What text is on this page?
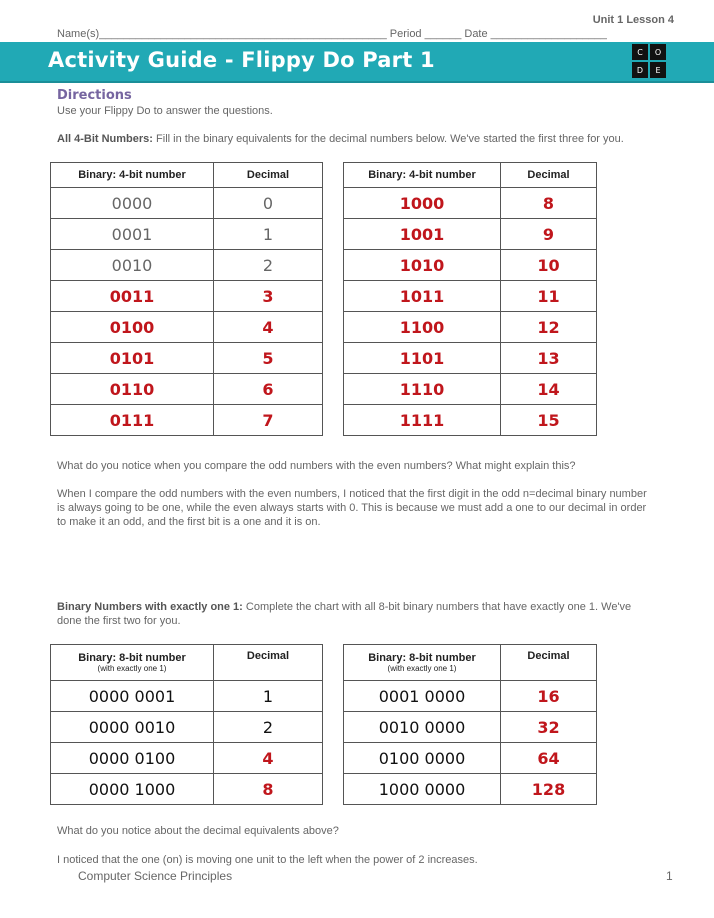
Unit 1 Lesson 4
Name(s)_______________________________________________ Period ______ Date ___________________
Activity Guide - Flippy Do Part 1	C	O
D	E
Directions
Use your Flippy Do to answer the questions.
All 4-Bit Numbers: Fill in the binary equivalents for the decimal numbers below. We've started the first three for you.
Binary: 4-bit number	Decimal
0000	0
0001	1
0010	2
0011	3
0100	4
0101	5
0110	6
0111	7
Binary: 4-bit number	Decimal
1000	8
1001	9
1010	10
1011	11
1100	12
1101	13
1110	14
1111	15
What do you notice when you compare the odd numbers with the even numbers? What might explain this?
When I compare the odd numbers with the even numbers, I noticed that the first digit in the odd n=decimal binary number is always going to be one, while the even always starts with 0. This is because we must add a one to our decimal in order to make it an odd, and the first bit is a one and it is on.
Binary Numbers with exactly one 1: Complete the chart with all 8-bit binary numbers that have exactly one 1. We've done the first two for you.
Binary: 8-bit number
(with exactly one 1)	Decimal
0000 0001	1
0000 0010	2
0000 0100	4
0000 1000	8
Binary: 8-bit number
(with exactly one 1)	Decimal
0001 0000	16
0010 0000	32
0100 0000	64
1000 0000	128
What do you notice about the decimal equivalents above?
I noticed that the one (on) is moving one unit to the left when the power of 2 increases.
Computer Science Principles	1
